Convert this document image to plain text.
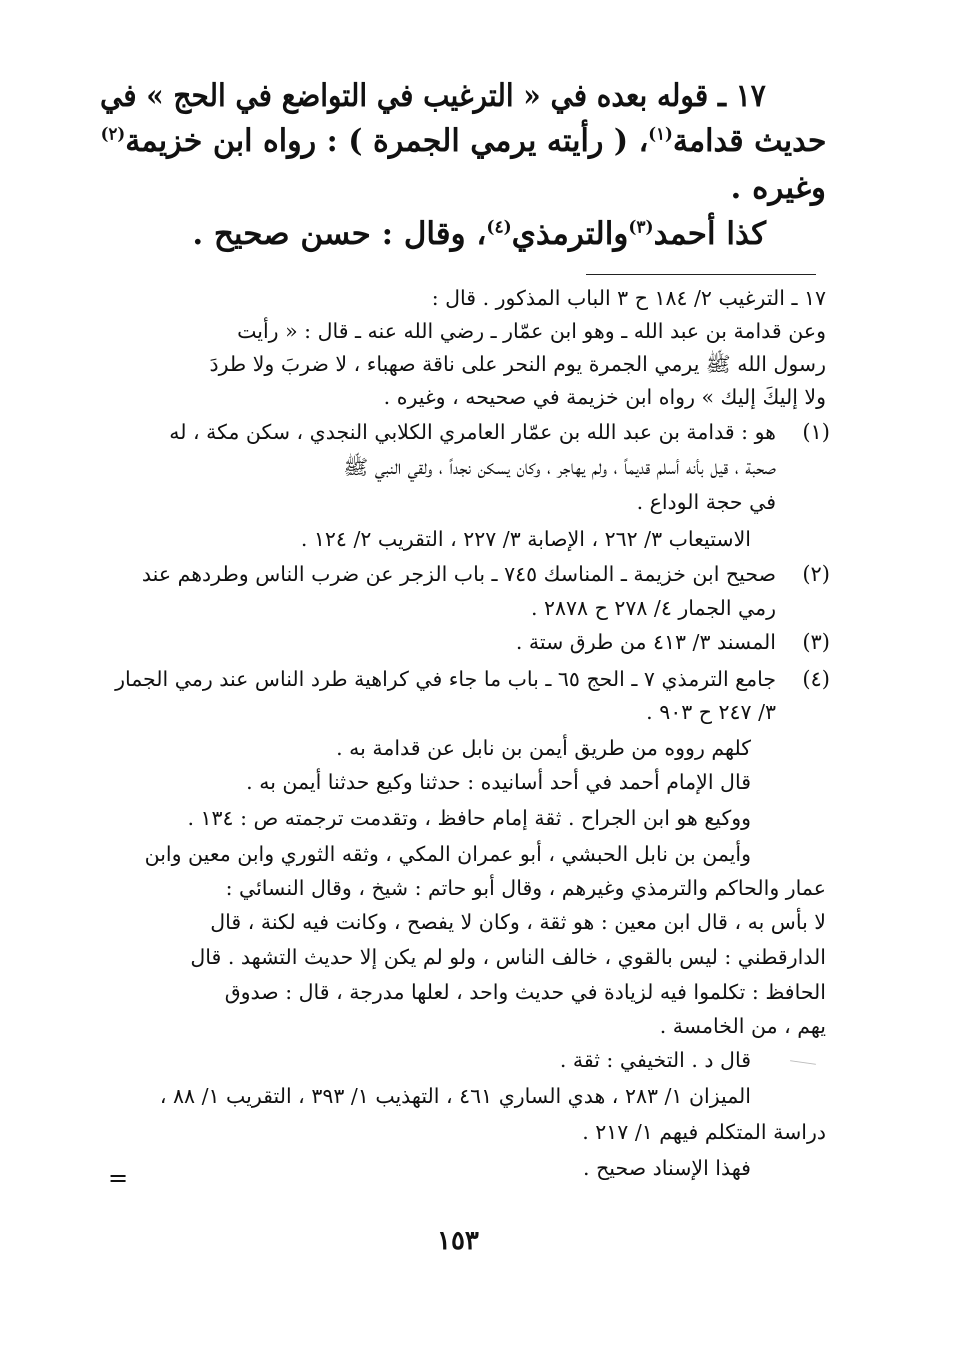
١٧ ـ قوله بعده في « الترغيب في التواضع في الحج » في
حديث قدامة$^{(١)}$، ( رأيته يرمي الجمرة ) : رواه ابن خزيمة$^{(٢)}$
وغيره .
كذا أحمد$^{(٣)}$والترمذي$^{(٤)}$، وقال : حسن صحيح .
١٧ ـ الترغيب ٢/ ١٨٤ ح ٣ الباب المذكور . قال :
وعن قدامة بن عبد الله ـ وهو ابن عمّار ـ رضي الله عنه ـ قال : « رأيت
رسول الله ﷺ يرمي الجمرة يوم النحر على ناقة صهباء ، لا ضربَ ولا طردَ
ولا إليكَ إليك » رواه ابن خزيمة في صحيحه ، وغيره .
(١)
هو : قدامة بن عبد الله بن عمّار العامري الكلابي النجدي ، سكن مكة ، له
صحبة ، قيل بأنه أسلم قديماً ، ولم يهاجر ، وكان يسكن نجداً ، ولقي النبي ﷺ
في حجة الوداع .
الاستيعاب ٣/ ٢٦٢ ، الإصابة ٣/ ٢٢٧ ، التقريب ٢/ ١٢٤ .
(٢)
صحيح ابن خزيمة ـ المناسك ٧٤٥ ـ باب الزجر عن ضرب الناس وطردهم عند
رمي الجمار ٤/ ٢٧٨ ح ٢٨٧٨ .
(٣)
المسند ٣/ ٤١٣ من طرق ستة .
(٤)
جامع الترمذي ٧ ـ الحج ٦٥ ـ باب ما جاء في كراهية طرد الناس عند رمي الجمار
٣/ ٢٤٧ ح ٩٠٣ .
كلهم رووه من طريق أيمن بن نابل عن قدامة به .
قال الإمام أحمد في أحد أسانيده : حدثنا وكيع حدثنا أيمن به .
ووكيع هو ابن الجراح . ثقة إمام حافظ ، وتقدمت ترجمته ص : ١٣٤ .
وأيمن بن نابل الحبشي ، أبو عمران المكي ، وثقه الثوري وابن معين وابن
عمار والحاكم والترمذي وغيرهم ، وقال أبو حاتم : شيخ ، وقال النسائي :
لا بأس به ، قال ابن معين : هو ثقة ، وكان لا يفصح ، وكانت فيه لكنة ، قال
الدارقطني : ليس بالقوي ، خالف الناس ، ولو لم يكن إلا حديث التشهد . قال
الحافظ : تكلموا فيه لزيادة في حديث واحد ، لعلها مدرجة ، قال : صدوق
يهم ، من الخامسة .
قال د . التخيفي : ثقة .
الميزان ١/ ٢٨٣ ، هدي الساري ٤٦١ ، التهذيب ١/ ٣٩٣ ، التقريب ١/ ٨٨ ،
دراسة المتكلم فيهم ١/ ٢١٧ .
فهذا الإسناد صحيح .
=
١٥٣
